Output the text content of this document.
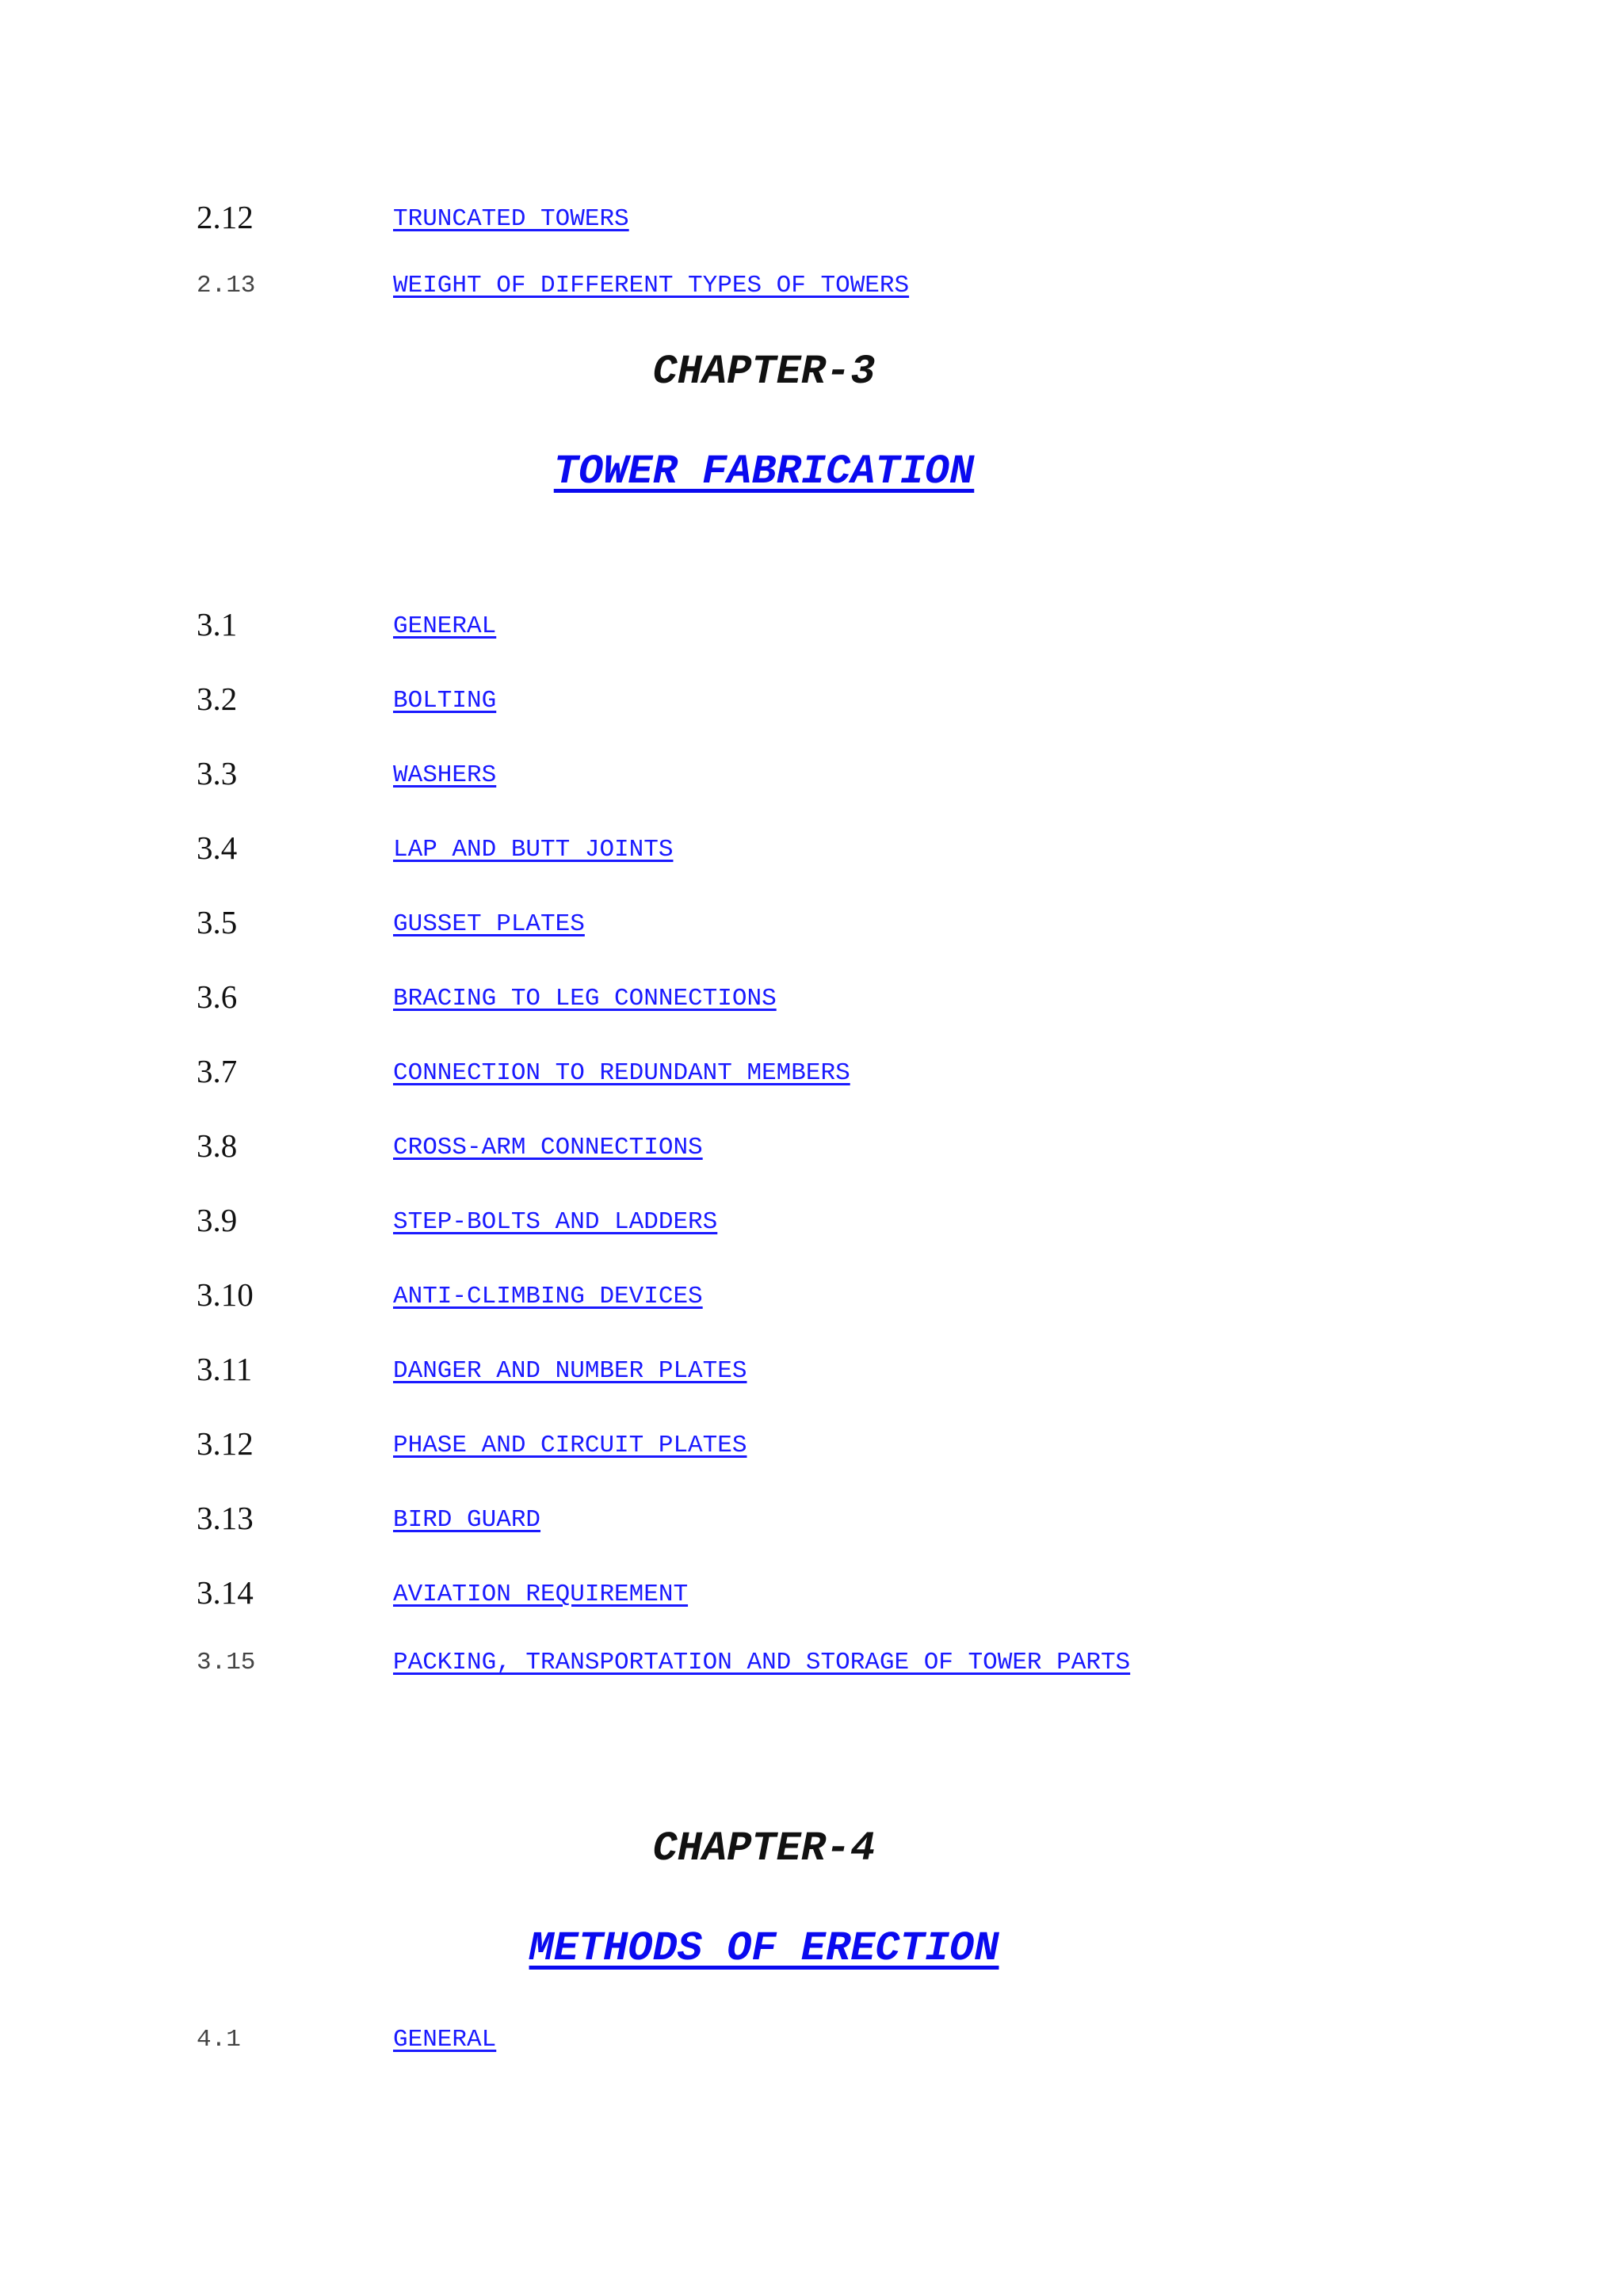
2.12	TRUNCATED TOWERS
2.13	WEIGHT OF DIFFERENT TYPES OF TOWERS
CHAPTER-3
TOWER FABRICATION
3.1	GENERAL
3.2	BOLTING
3.3	WASHERS
3.4	LAP AND BUTT JOINTS
3.5	GUSSET PLATES
3.6	BRACING TO LEG CONNECTIONS
3.7	CONNECTION TO REDUNDANT MEMBERS
3.8	CROSS-ARM CONNECTIONS
3.9	STEP-BOLTS AND LADDERS
3.10	ANTI-CLIMBING DEVICES
3.11	DANGER AND NUMBER PLATES
3.12	PHASE AND CIRCUIT PLATES
3.13	BIRD GUARD
3.14	AVIATION REQUIREMENT
3.15	PACKING, TRANSPORTATION AND STORAGE OF TOWER PARTS
CHAPTER-4
METHODS OF ERECTION
4.1	GENERAL
